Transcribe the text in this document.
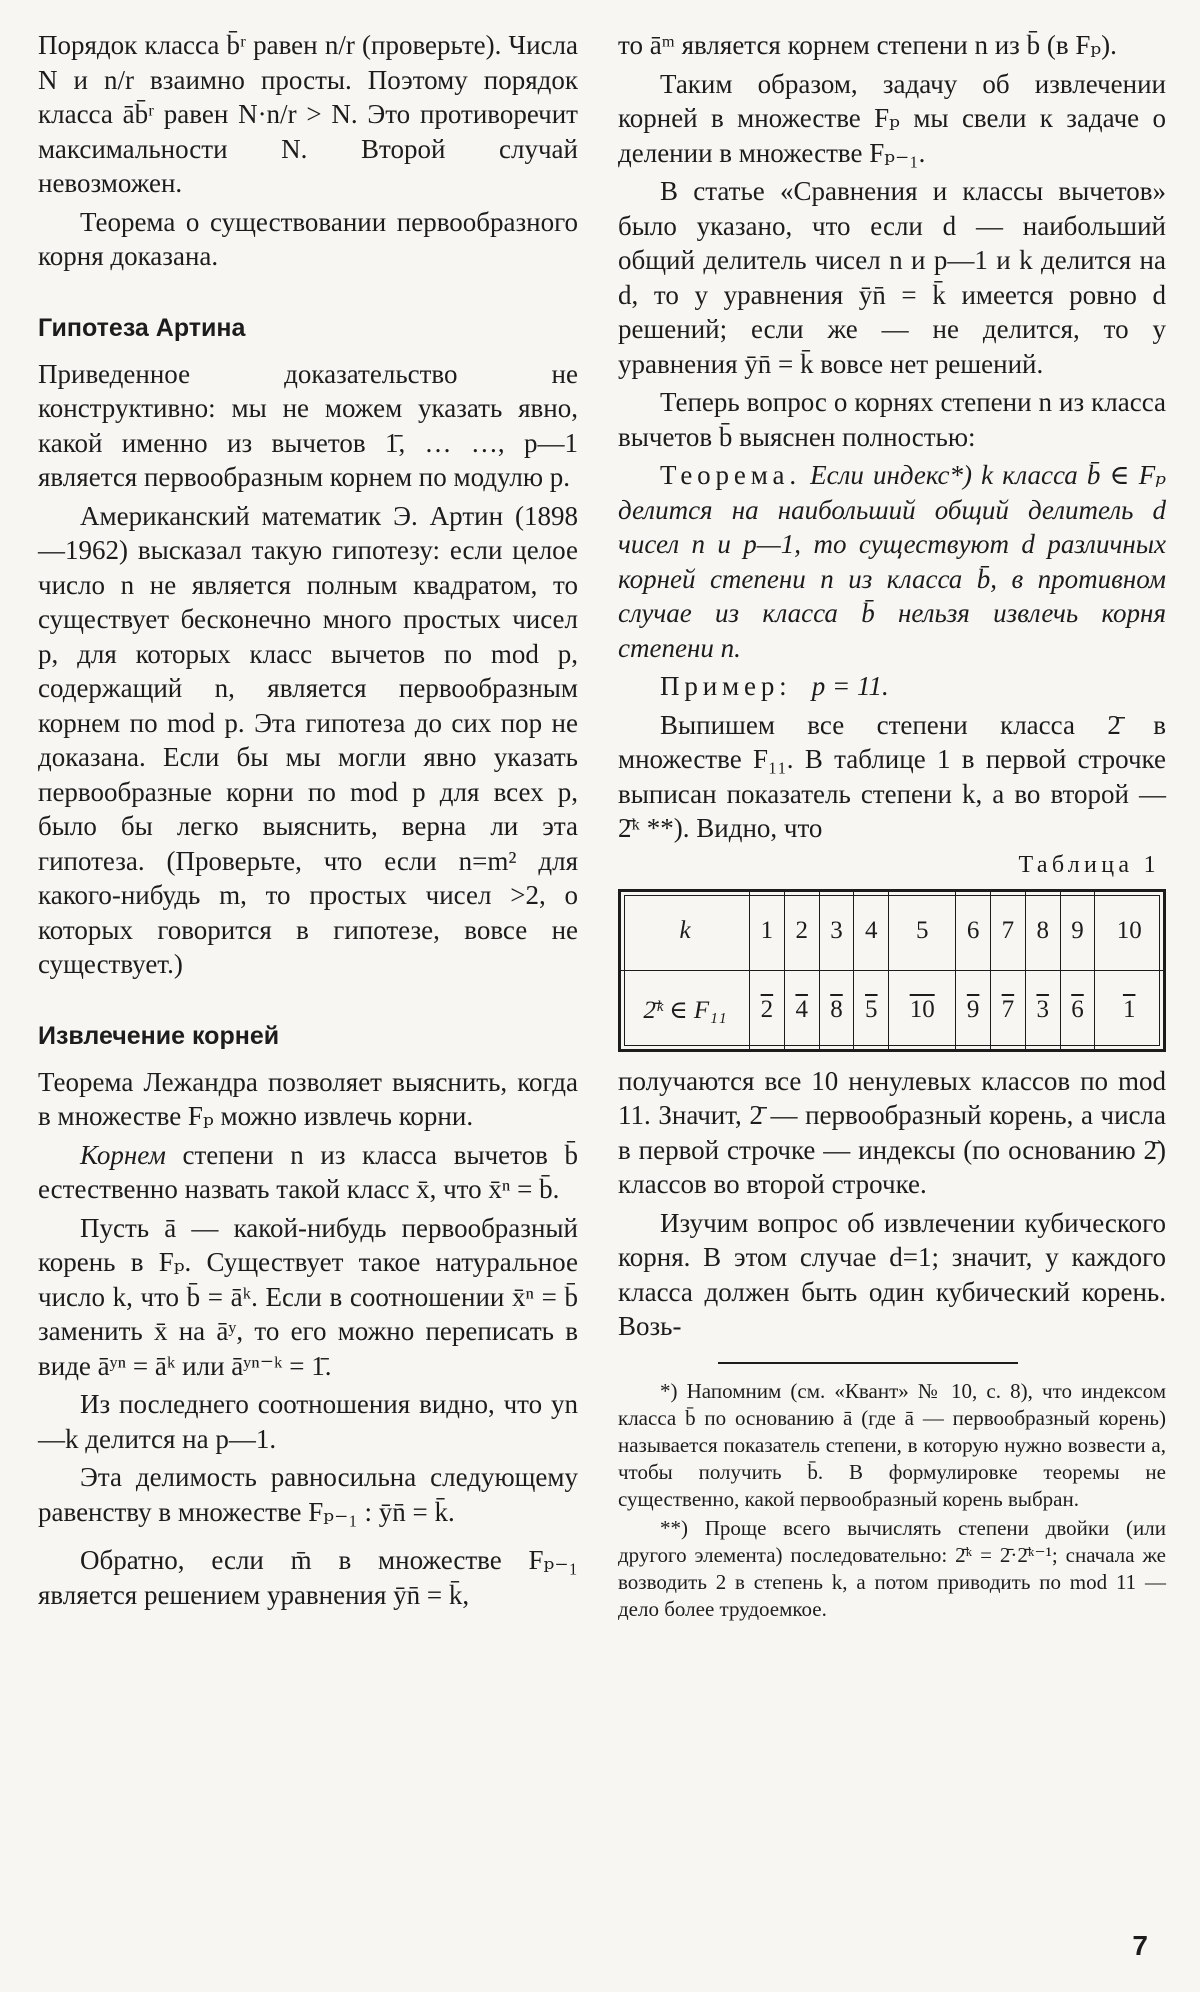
Порядок класса b̄ʳ равен n/r (проверьте). Числа N и n/r взаимно просты. Поэтому порядок класса āb̄ʳ равен N·n/r > N. Это противоречит максимальности N. Второй случай невозможен.

Теорема о существовании первообразного корня доказана.

Гипотеза Артина

Приведенное доказательство не конструктивно: мы не можем указать явно, какой именно из вычетов 1̄, … …, p—1 является первообразным корнем по модулю p.

Американский математик Э. Артин (1898—1962) высказал такую гипотезу: если целое число n не является полным квадратом, то существует бесконечно много простых чисел p, для которых класс вычетов по mod p, содержащий n, является первообразным корнем по mod p. Эта гипотеза до сих пор не доказана. Если бы мы могли явно указать первообразные корни по mod p для всех p, было бы легко выяснить, верна ли эта гипотеза. (Проверьте, что если n=m² для какого-нибудь m, то простых чисел >2, о которых говорится в гипотезе, вовсе не существует.)

Извлечение корней

Теорема Лежандра позволяет выяснить, когда в множестве Fₚ можно извлечь корни.

Корнем степени n из класса вычетов b̄ естественно назвать такой класс x̄, что x̄ⁿ = b̄.

Пусть ā — какой-нибудь первообразный корень в Fₚ. Существует такое натуральное число k, что b̄ = āᵏ. Если в соотношении x̄ⁿ = b̄ заменить x̄ на āʸ, то его можно переписать в виде āʸⁿ = āᵏ или āʸⁿ⁻ᵏ = 1̄.

Из последнего соотношения видно, что yn—k делится на p—1.

Эта делимость равносильна следующему равенству в множестве Fₚ₋₁ : ȳn̄ = k̄.

Обратно, если m̄ в множестве Fₚ₋₁ является решением уравнения ȳn̄ = k̄,

то āᵐ является корнем степени n из b̄ (в Fₚ).

Таким образом, задачу об извлечении корней в множестве Fₚ мы свели к задаче о делении в множестве Fₚ₋₁.

В статье «Сравнения и классы вычетов» было указано, что если d — наибольший общий делитель чисел n и p—1 и k делится на d, то у уравнения ȳn̄ = k̄ имеется ровно d решений; если же — не делится, то у уравнения ȳn̄ = k̄ вовсе нет решений.

Теперь вопрос о корнях степени n из класса вычетов b̄ выяснен полностью:

Теорема. Если индекс*) k класса b̄ ∈ Fₚ делится на наибольший общий делитель d чисел n и p—1, то существуют d различных корней степени n из класса b̄, в противном случае из класса b̄ нельзя извлечь корня степени n.

Пример: p = 11.

Выпишем все степени класса 2̄ в множестве F₁₁. В таблице 1 в первой строчке выписан показатель степени k, а во второй — 2̄ᵏ **). Видно, что

Таблица 1
k	1	2	3	4	5	6	7	8	9	10
2̄ᵏ ∈ F₁₁	2	4	8	5	10	9	7	3	6	1

получаются все 10 ненулевых классов по mod 11. Значит, 2̄ — первообразный корень, а числа в первой строчке — индексы (по основанию 2̄) классов во второй строчке.

Изучим вопрос об извлечении кубического корня. В этом случае d=1; значит, у каждого класса должен быть один кубический корень. Возь-

*) Напомним (см. «Квант» № 10, с. 8), что индексом класса b̄ по основанию ā (где ā — первообразный корень) называется показатель степени, в которую нужно возвести a, чтобы получить b̄. В формулировке теоремы не существенно, какой первообразный корень выбран.

**) Проще всего вычислять степени двойки (или другого элемента) последовательно: 2̄ᵏ = 2̄·2̄ᵏ⁻¹; сначала же возводить 2 в степень k, а потом приводить по mod 11 — дело более трудоемкое.

7
